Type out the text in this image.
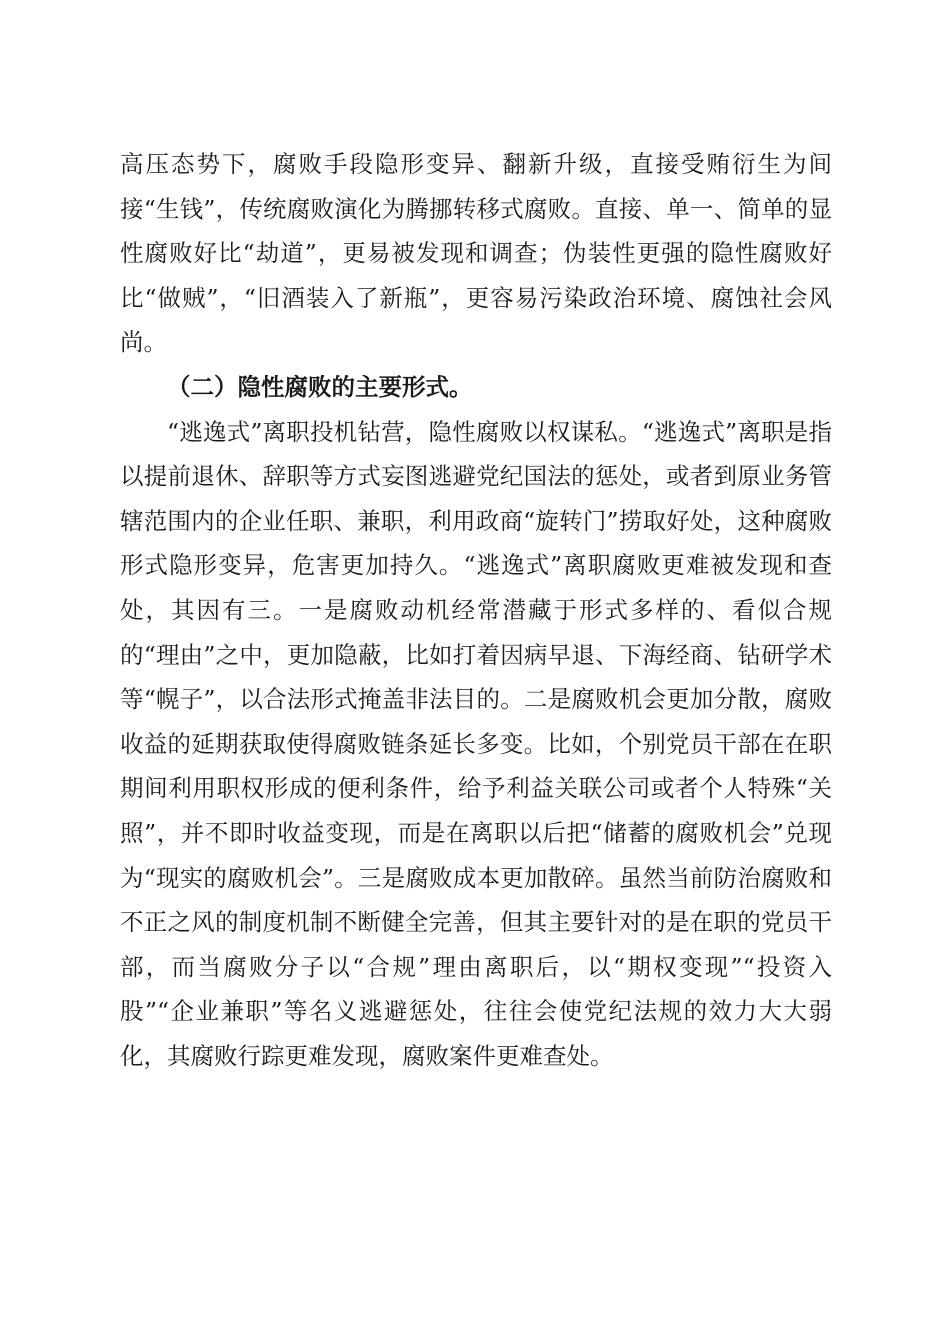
高压态势下，腐败手段隐形变异、翻新升级，直接受贿衍生为间接“生钱”，传统腐败演化为腾挪转移式腐败。直接、单一、简单的显性腐败好比“劫道”，更易被发现和调查；伪装性更强的隐性腐败好比“做贼”，“旧酒装入了新瓶”，更容易污染政治环境、腐蚀社会风尚。

（二）隐性腐败的主要形式。

“逃逸式”离职投机钻营，隐性腐败以权谋私。“逃逸式”离职是指以提前退休、辞职等方式妄图逃避党纪国法的惩处，或者到原业务管辖范围内的企业任职、兼职，利用政商“旋转门”捞取好处，这种腐败形式隐形变异，危害更加持久。“逃逸式”离职腐败更难被发现和查处，其因有三。一是腐败动机经常潜藏于形式多样的、看似合规的“理由”之中，更加隐蔽，比如打着因病早退、下海经商、钻研学术等“幌子”，以合法形式掩盖非法目的。二是腐败机会更加分散，腐败收益的延期获取使得腐败链条延长多变。比如，个别党员干部在在职期间利用职权形成的便利条件，给予利益关联公司或者个人特殊“关照”，并不即时收益变现，而是在离职以后把“储蓄的腐败机会”兑现为“现实的腐败机会”。三是腐败成本更加散碎。虽然当前防治腐败和不正之风的制度机制不断健全完善，但其主要针对的是在职的党员干部，而当腐败分子以“合规”理由离职后，以“期权变现”“投资入股”“企业兼职”等名义逃避惩处，往往会使党纪法规的效力大大弱化，其腐败行踪更难发现，腐败案件更难查处。
